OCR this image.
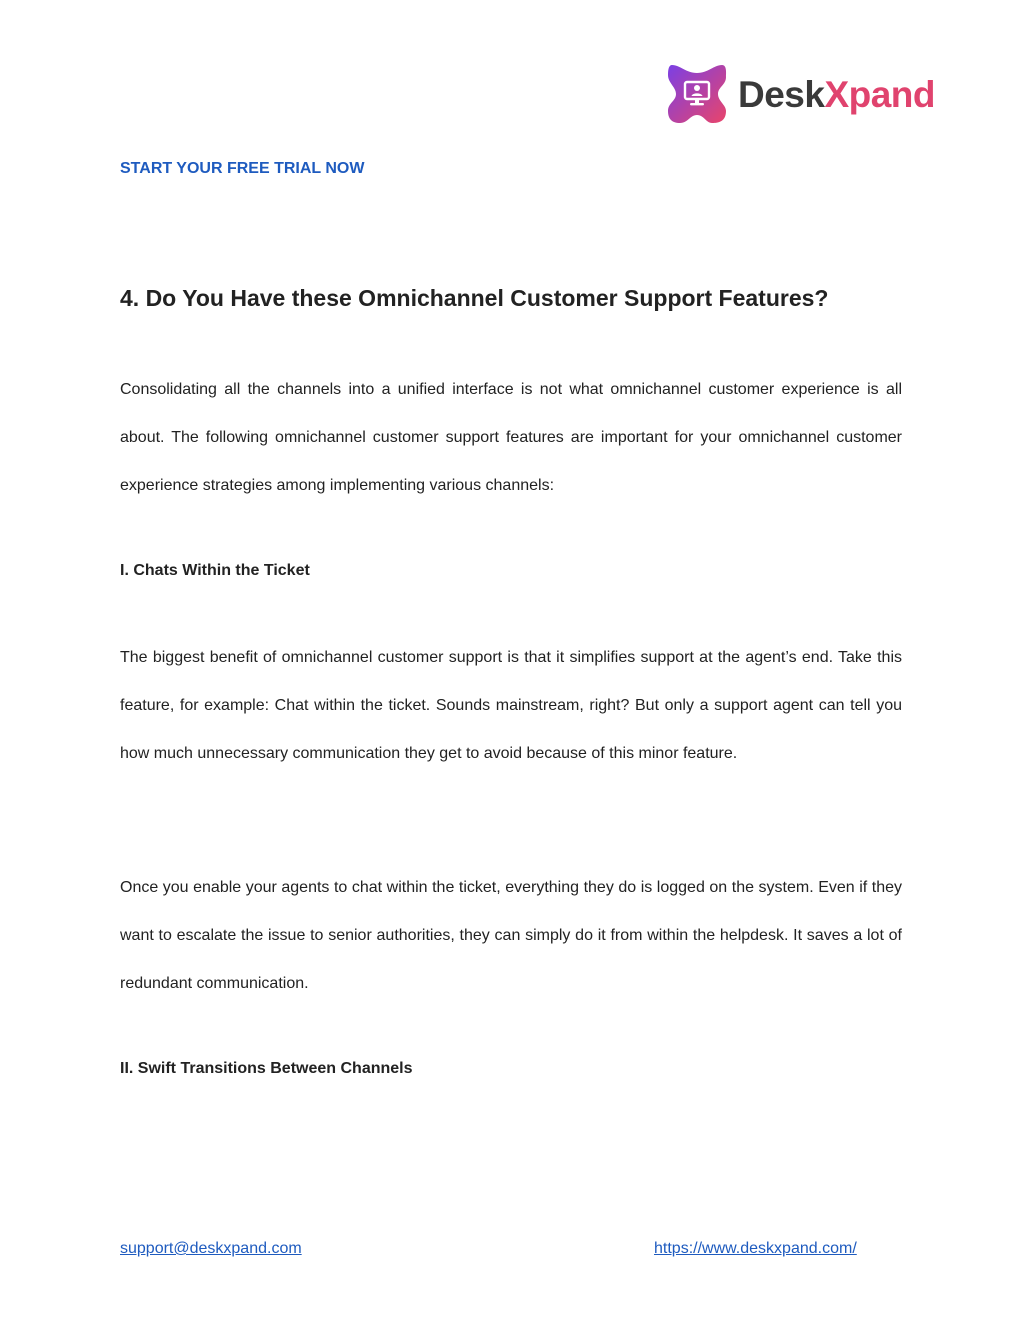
DeskXpand
START YOUR FREE TRIAL NOW
4. Do You Have these Omnichannel Customer Support Features?

Consolidating all the channels into a unified interface is not what omnichannel customer experience is all about. The following omnichannel customer support features are important for your omnichannel customer experience strategies among implementing various channels:

I. Chats Within the Ticket

The biggest benefit of omnichannel customer support is that it simplifies support at the agent’s end. Take this feature, for example: Chat within the ticket. Sounds mainstream, right? But only a support agent can tell you how much unnecessary communication they get to avoid because of this minor feature.

Once you enable your agents to chat within the ticket, everything they do is logged on the system. Even if they want to escalate the issue to senior authorities, they can simply do it from within the helpdesk. It saves a lot of redundant communication.

II. Swift Transitions Between Channels
support@deskxpand.com	https://www.deskxpand.com/
